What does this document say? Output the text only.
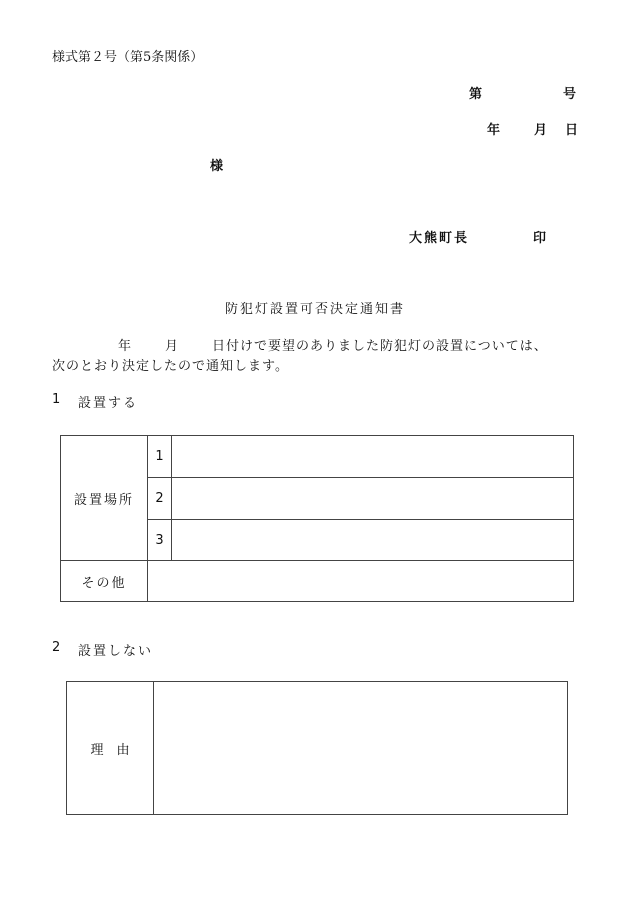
様式第２号（第5条関係）
第	号
年	月 日
様
大熊町長	印
防犯灯設置可否決定通知書
年	月	日付けで要望のありました防犯灯の設置については、
次のとおり決定したので通知します。
1 設置する
設置場所	1	
	2	
	3	
その他		
2 設置しない
理　由	
